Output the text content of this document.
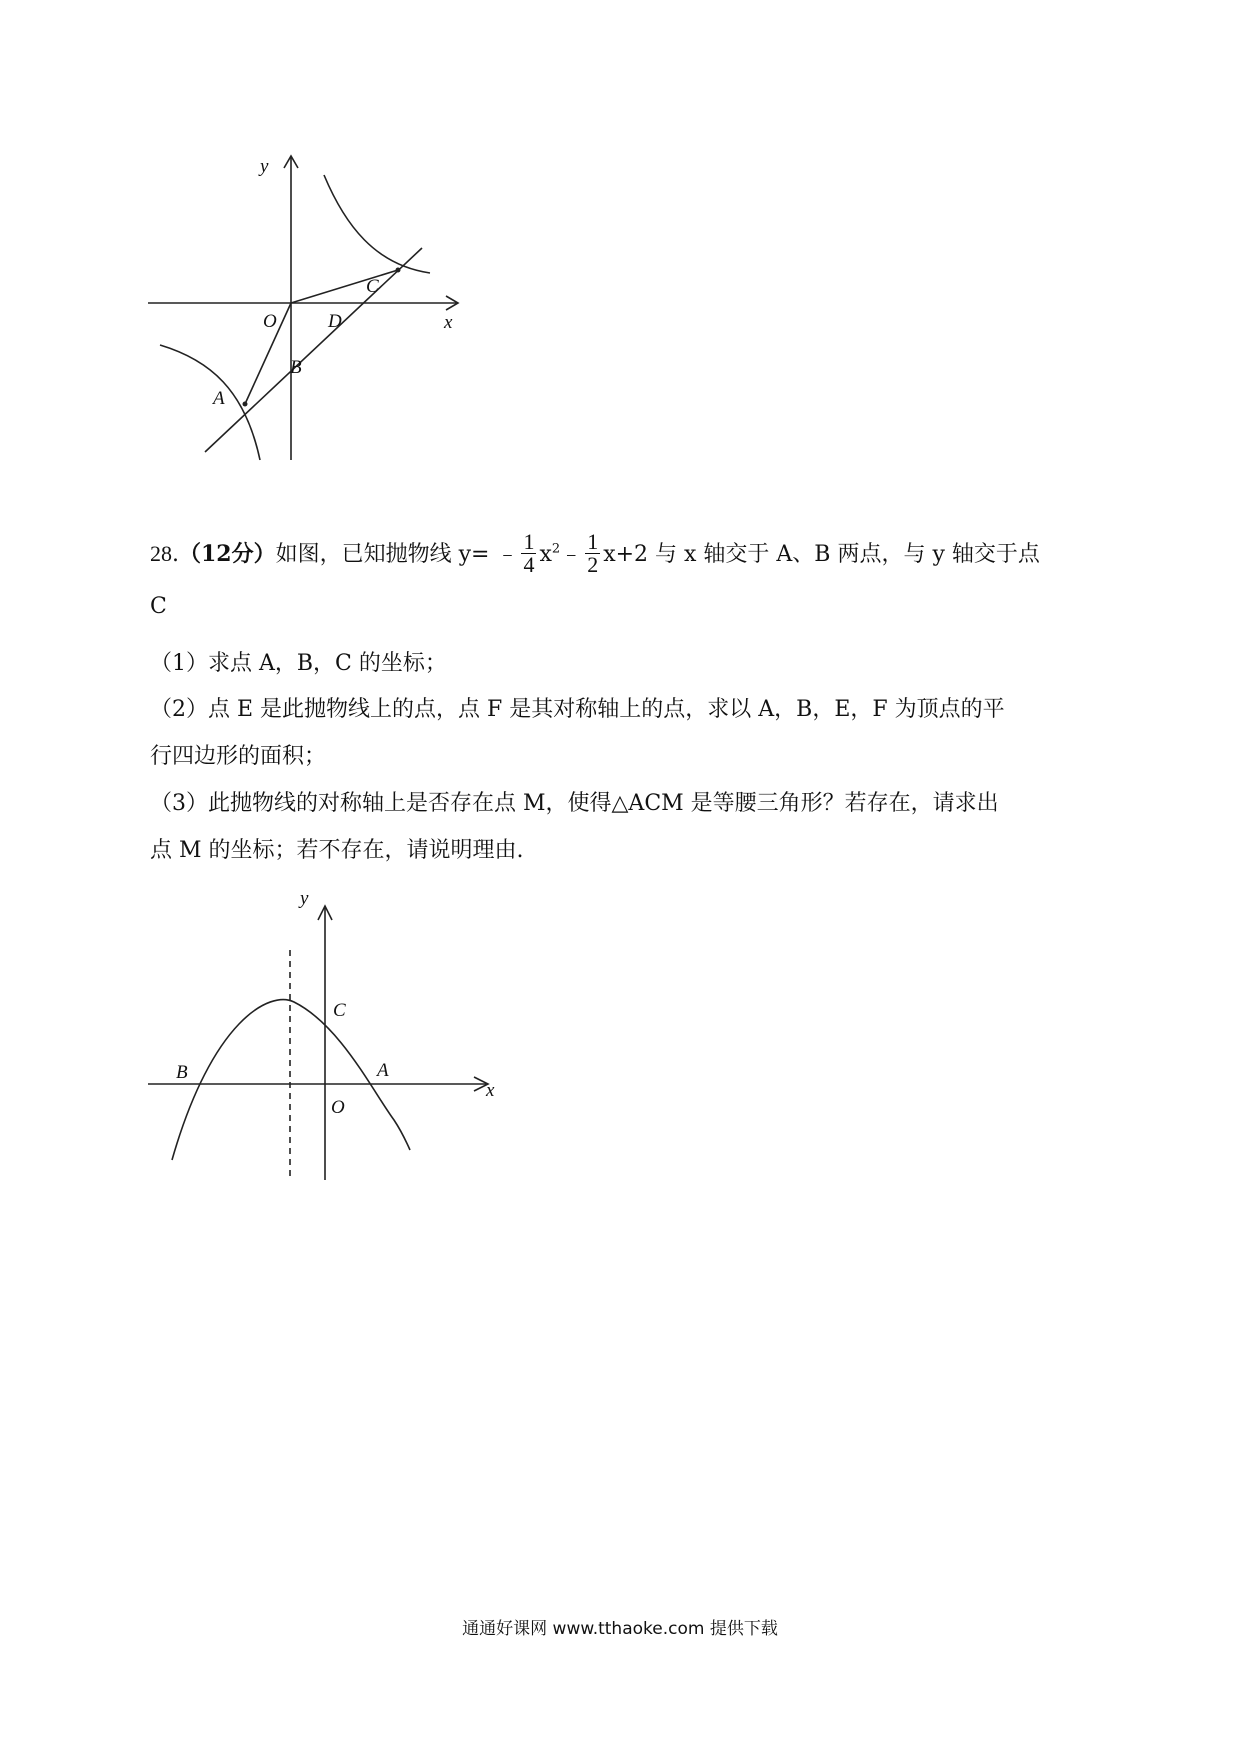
y
x
O	D
C
B
A
28.（12分）如图，已知抛物线 y= ﹣ $\frac{1}{4}$ $x^2﹣ \frac{1}{2} x+2$ 与 x 轴交于 A、B 两点，与 y 轴交于点
C
（1）求点 A，B，C 的坐标；
（2）点 E 是此抛物线上的点，点 F 是其对称轴上的点，求以 A，B，E，F 为顶点的平
行四边形的面积；
（3）此抛物线的对称轴上是否存在点 M，使得△ACM 是等腰三角形？若存在，请求出
点 M 的坐标；若不存在，请说明理由.
y
x
C
B	A
O
通通好课网 www.tthaoke.com 提供下载
